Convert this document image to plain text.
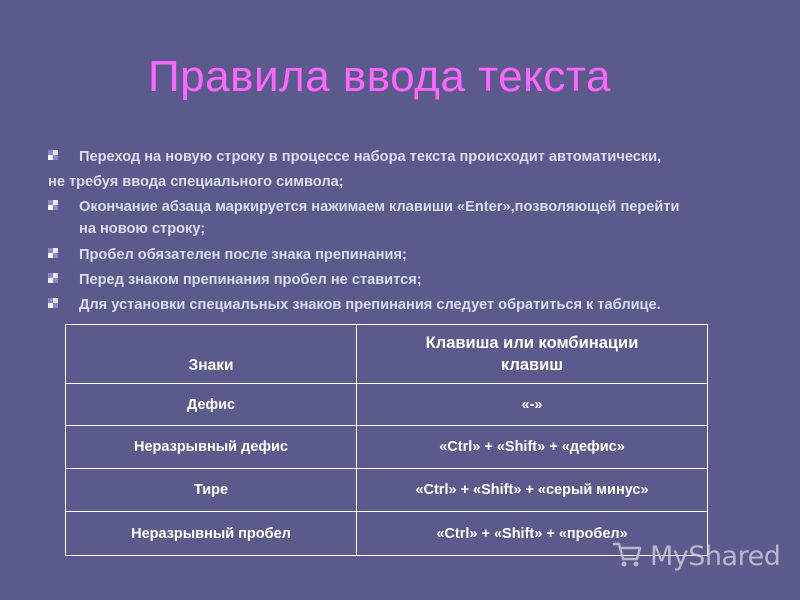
Правила ввода текста
Переход на новую строку в процессе набора текста происходит автоматически,
не требуя ввода специального символа;
Окончание абзаца маркируется нажимаем клавиши «Enter»,позволяющей перейти
на новою строку;
Пробел обязателен после знака препинания;
Перед знаком препинания пробел не ставится;
Для установки специальных знаков препинания следует обратиться к таблице.
Знаки	Клавиша или комбинации
клавиш

Дефис	«-»
Неразрывный дефис	«Ctrl» + «Shift» + «дефис»
Тире	«Ctrl» + «Shift» + «серый минус»
Неразрывный пробел	«Ctrl» + «Shift» + «пробел»
MyShared
